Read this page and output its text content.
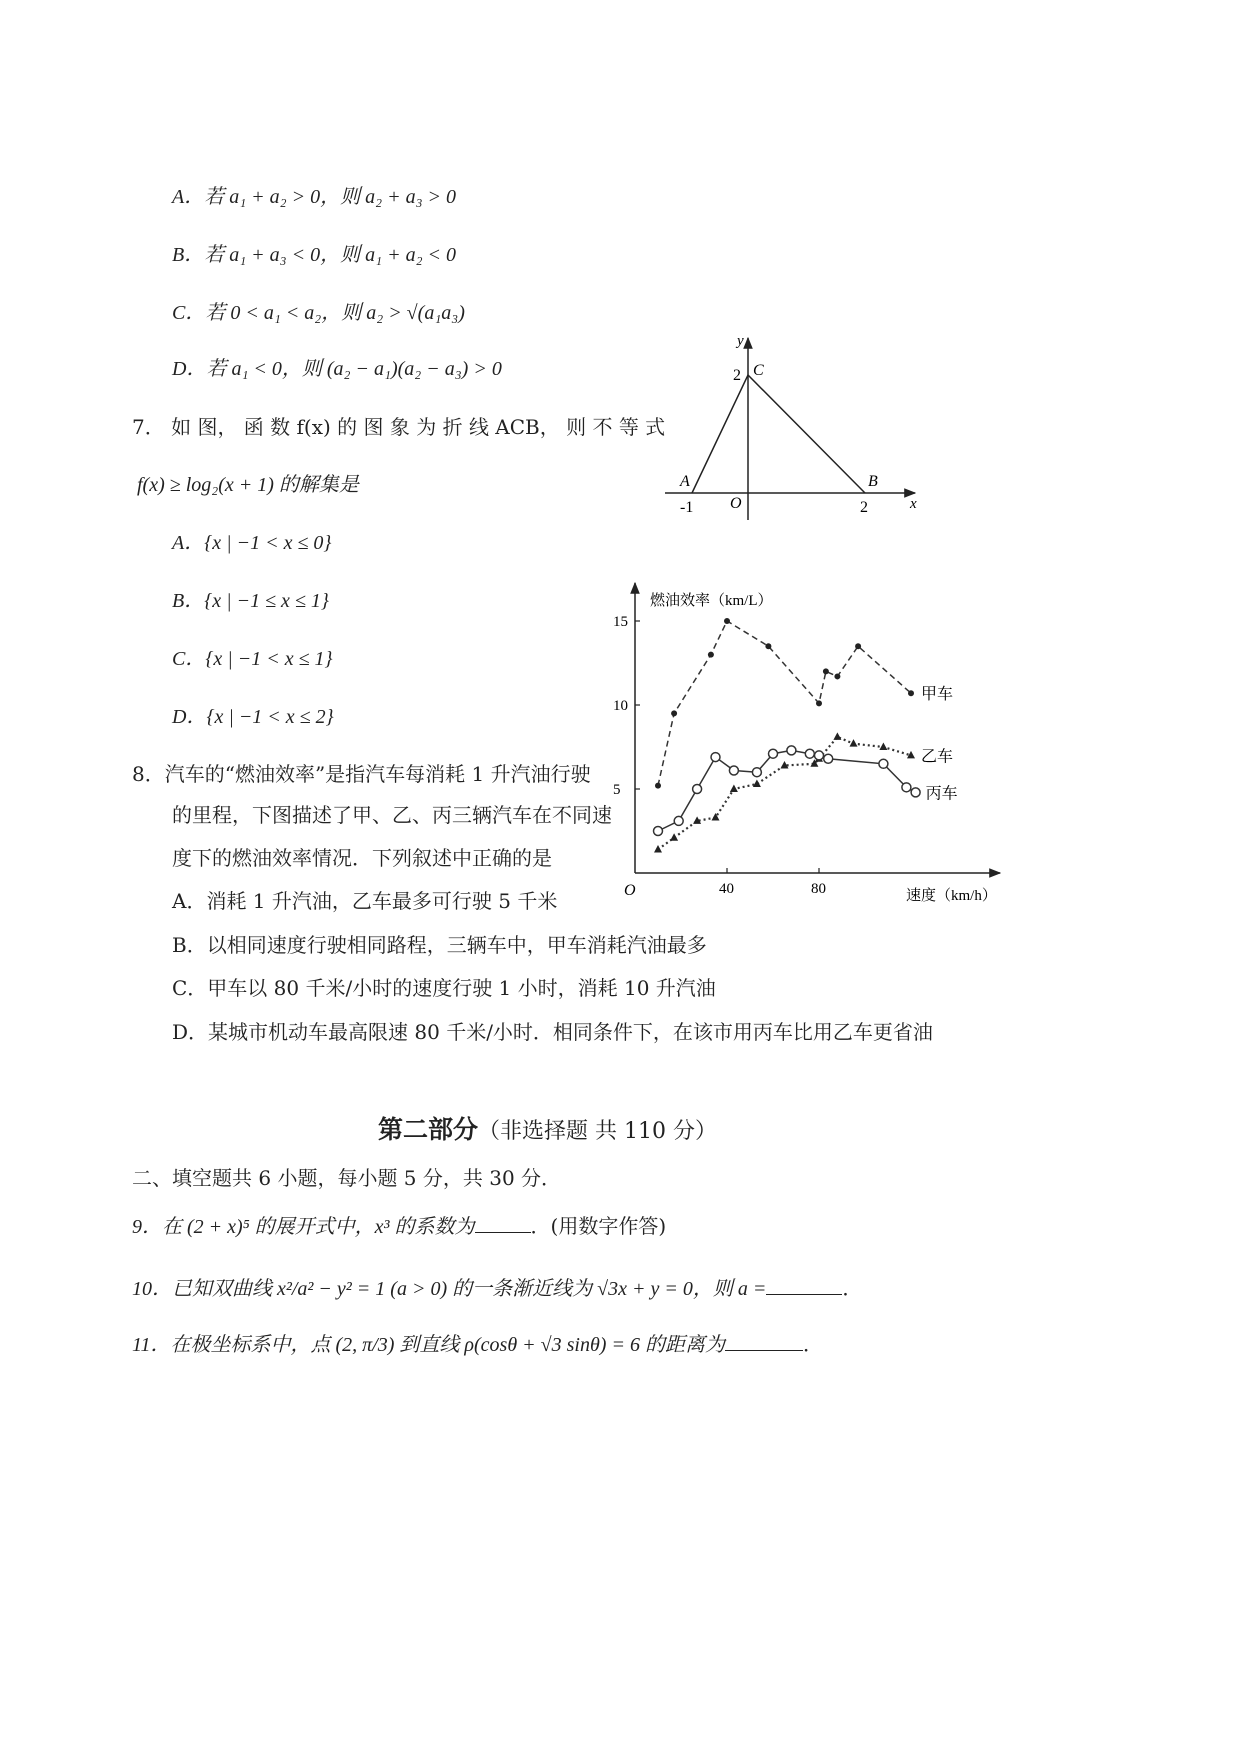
A．若 a₁ + a₂ > 0，则 a₂ + a₃ > 0
B．若 a₁ + a₃ < 0，则 a₁ + a₂ < 0
C．若 0 < a₁ < a₂，则 a₂ > √(a₁a₃)
D．若 a₁ < 0，则 (a₂ − a₁)(a₂ − a₃) > 0
7． 如 图， 函 数 f(x) 的 图 象 为 折 线 ACB， 则 不 等 式
f(x) ≥ log₂(x + 1) 的解集是
A．{x | −1 < x ≤ 0}
B．{x | −1 ≤ x ≤ 1}
C．{x | −1 < x ≤ 1}
D．{x | −1 < x ≤ 2}
y
C
2
A	B
O
-1	2	x
燃油效率（km/L）
速度（km/h）
O	40	80
5
10
15
甲车
乙车
丙车
8．汽车的“燃油效率”是指汽车每消耗 1 升汽油行驶
的里程，下图描述了甲、乙、丙三辆汽车在不同速
度下的燃油效率情况．下列叙述中正确的是
A．消耗 1 升汽油，乙车最多可行驶 5 千米
B．以相同速度行驶相同路程，三辆车中，甲车消耗汽油最多
C．甲车以 80 千米/小时的速度行驶 1 小时，消耗 10 升汽油
D．某城市机动车最高限速 80 千米/小时．相同条件下，在该市用丙车比用乙车更省油
第二部分（非选择题 共 110 分）
二、填空题共 6 小题，每小题 5 分，共 30 分．
9．在 (2 + x)⁵ 的展开式中，x³ 的系数为	．(用数字作答)
10．已知双曲线 x²/a² − y² = 1 (a > 0) 的一条渐近线为 √3x + y = 0，则 a =	．
11．在极坐标系中，点 (2, π/3) 到直线 ρ(cosθ + √3 sinθ) = 6 的距离为	．
